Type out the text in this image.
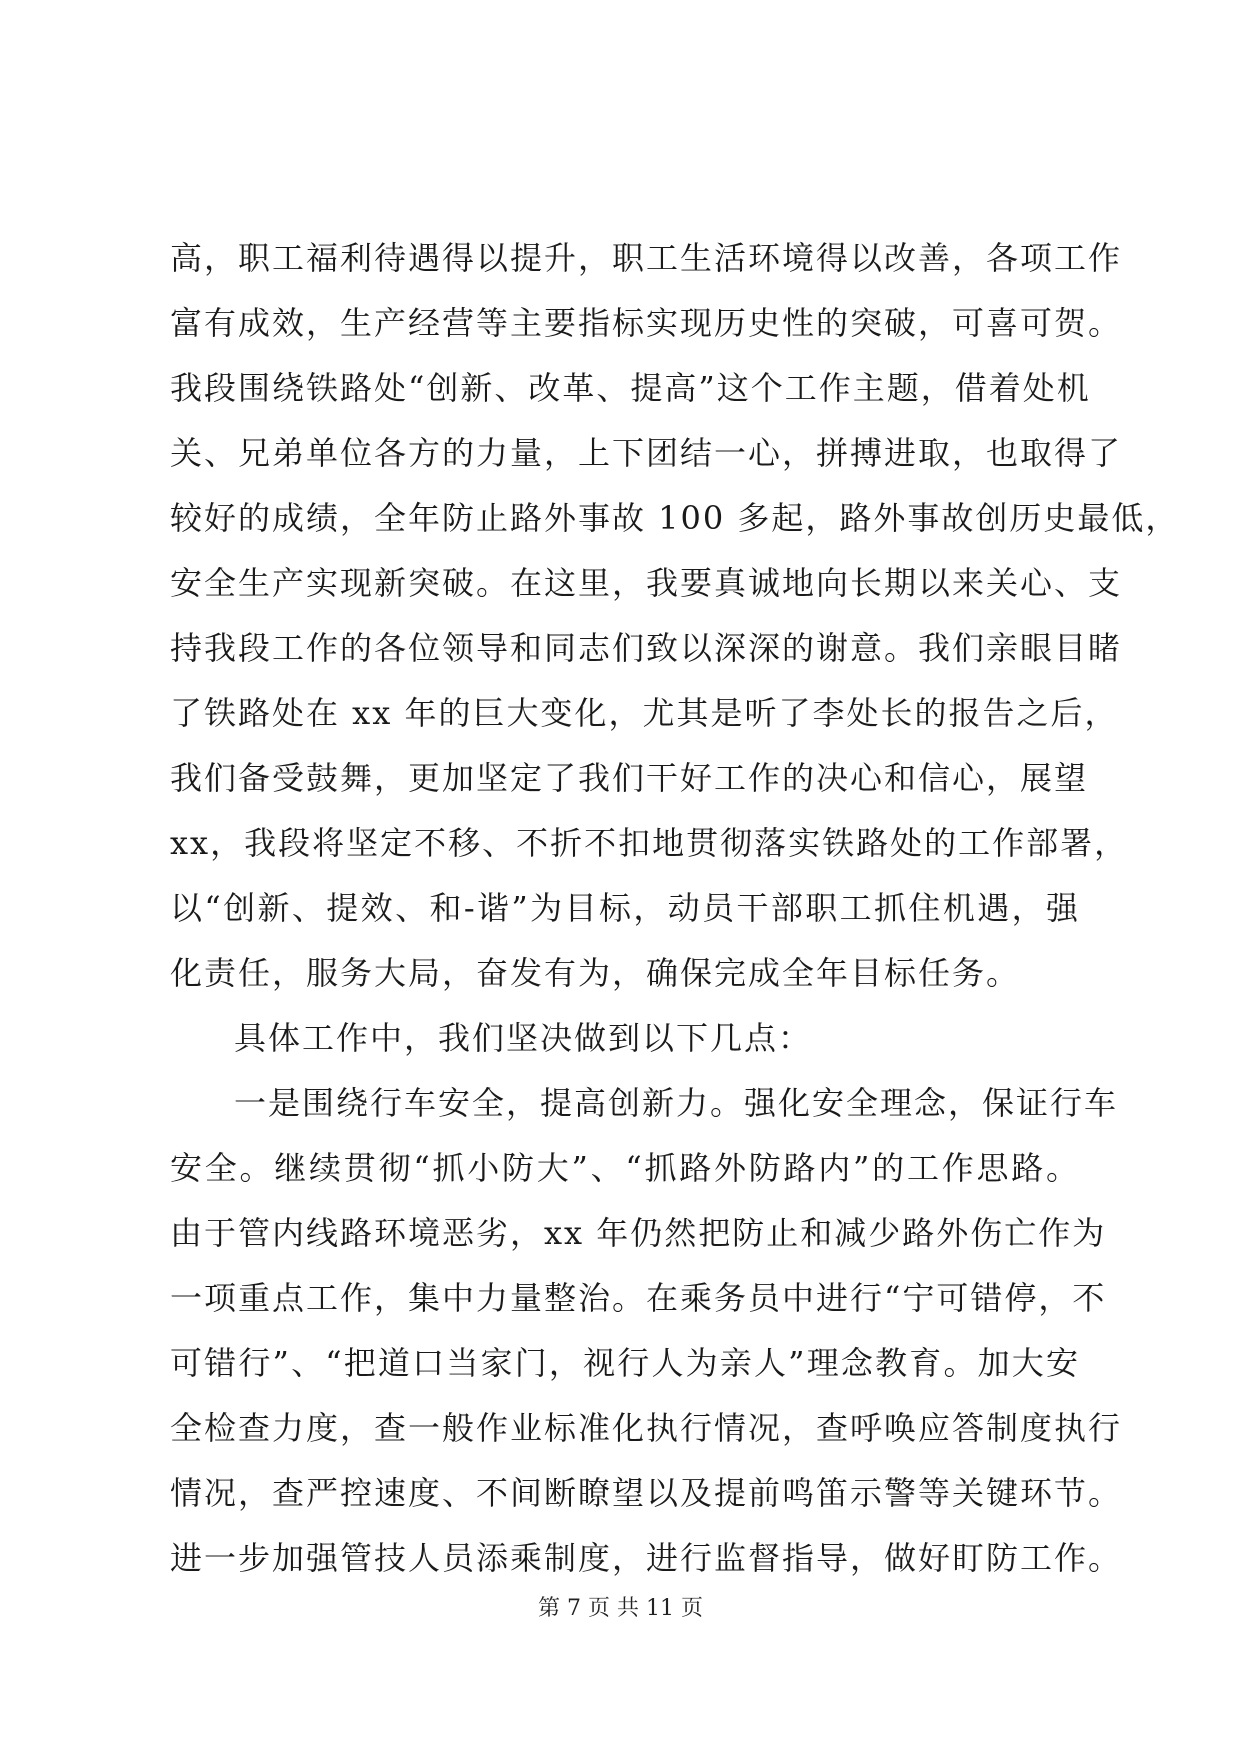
高，职工福利待遇得以提升，职工生活环境得以改善，各项工作
富有成效，生产经营等主要指标实现历史性的突破，可喜可贺。
我段围绕铁路处“创新、改革、提高”这个工作主题，借着处机
关、兄弟单位各方的力量，上下团结一心，拼搏进取，也取得了
较好的成绩，全年防止路外事故 100 多起，路外事故创历史最低，
安全生产实现新突破。在这里，我要真诚地向长期以来关心、支
持我段工作的各位领导和同志们致以深深的谢意。我们亲眼目睹
了铁路处在 xx 年的巨大变化，尤其是听了李处长的报告之后，
我们备受鼓舞，更加坚定了我们干好工作的决心和信心，展望
xx，我段将坚定不移、不折不扣地贯彻落实铁路处的工作部署，
以“创新、提效、和-谐”为目标，动员干部职工抓住机遇，强
化责任，服务大局，奋发有为，确保完成全年目标任务。
具体工作中，我们坚决做到以下几点：
一是围绕行车安全，提高创新力。强化安全理念，保证行车
安全。继续贯彻“抓小防大”、“抓路外防路内”的工作思路。
由于管内线路环境恶劣，xx 年仍然把防止和减少路外伤亡作为
一项重点工作，集中力量整治。在乘务员中进行“宁可错停，不
可错行”、“把道口当家门，视行人为亲人”理念教育。加大安
全检查力度，查一般作业标准化执行情况，查呼唤应答制度执行
情况，查严控速度、不间断瞭望以及提前鸣笛示警等关键环节。
进一步加强管技人员添乘制度，进行监督指导，做好盯防工作。
第 7 页 共 11 页
